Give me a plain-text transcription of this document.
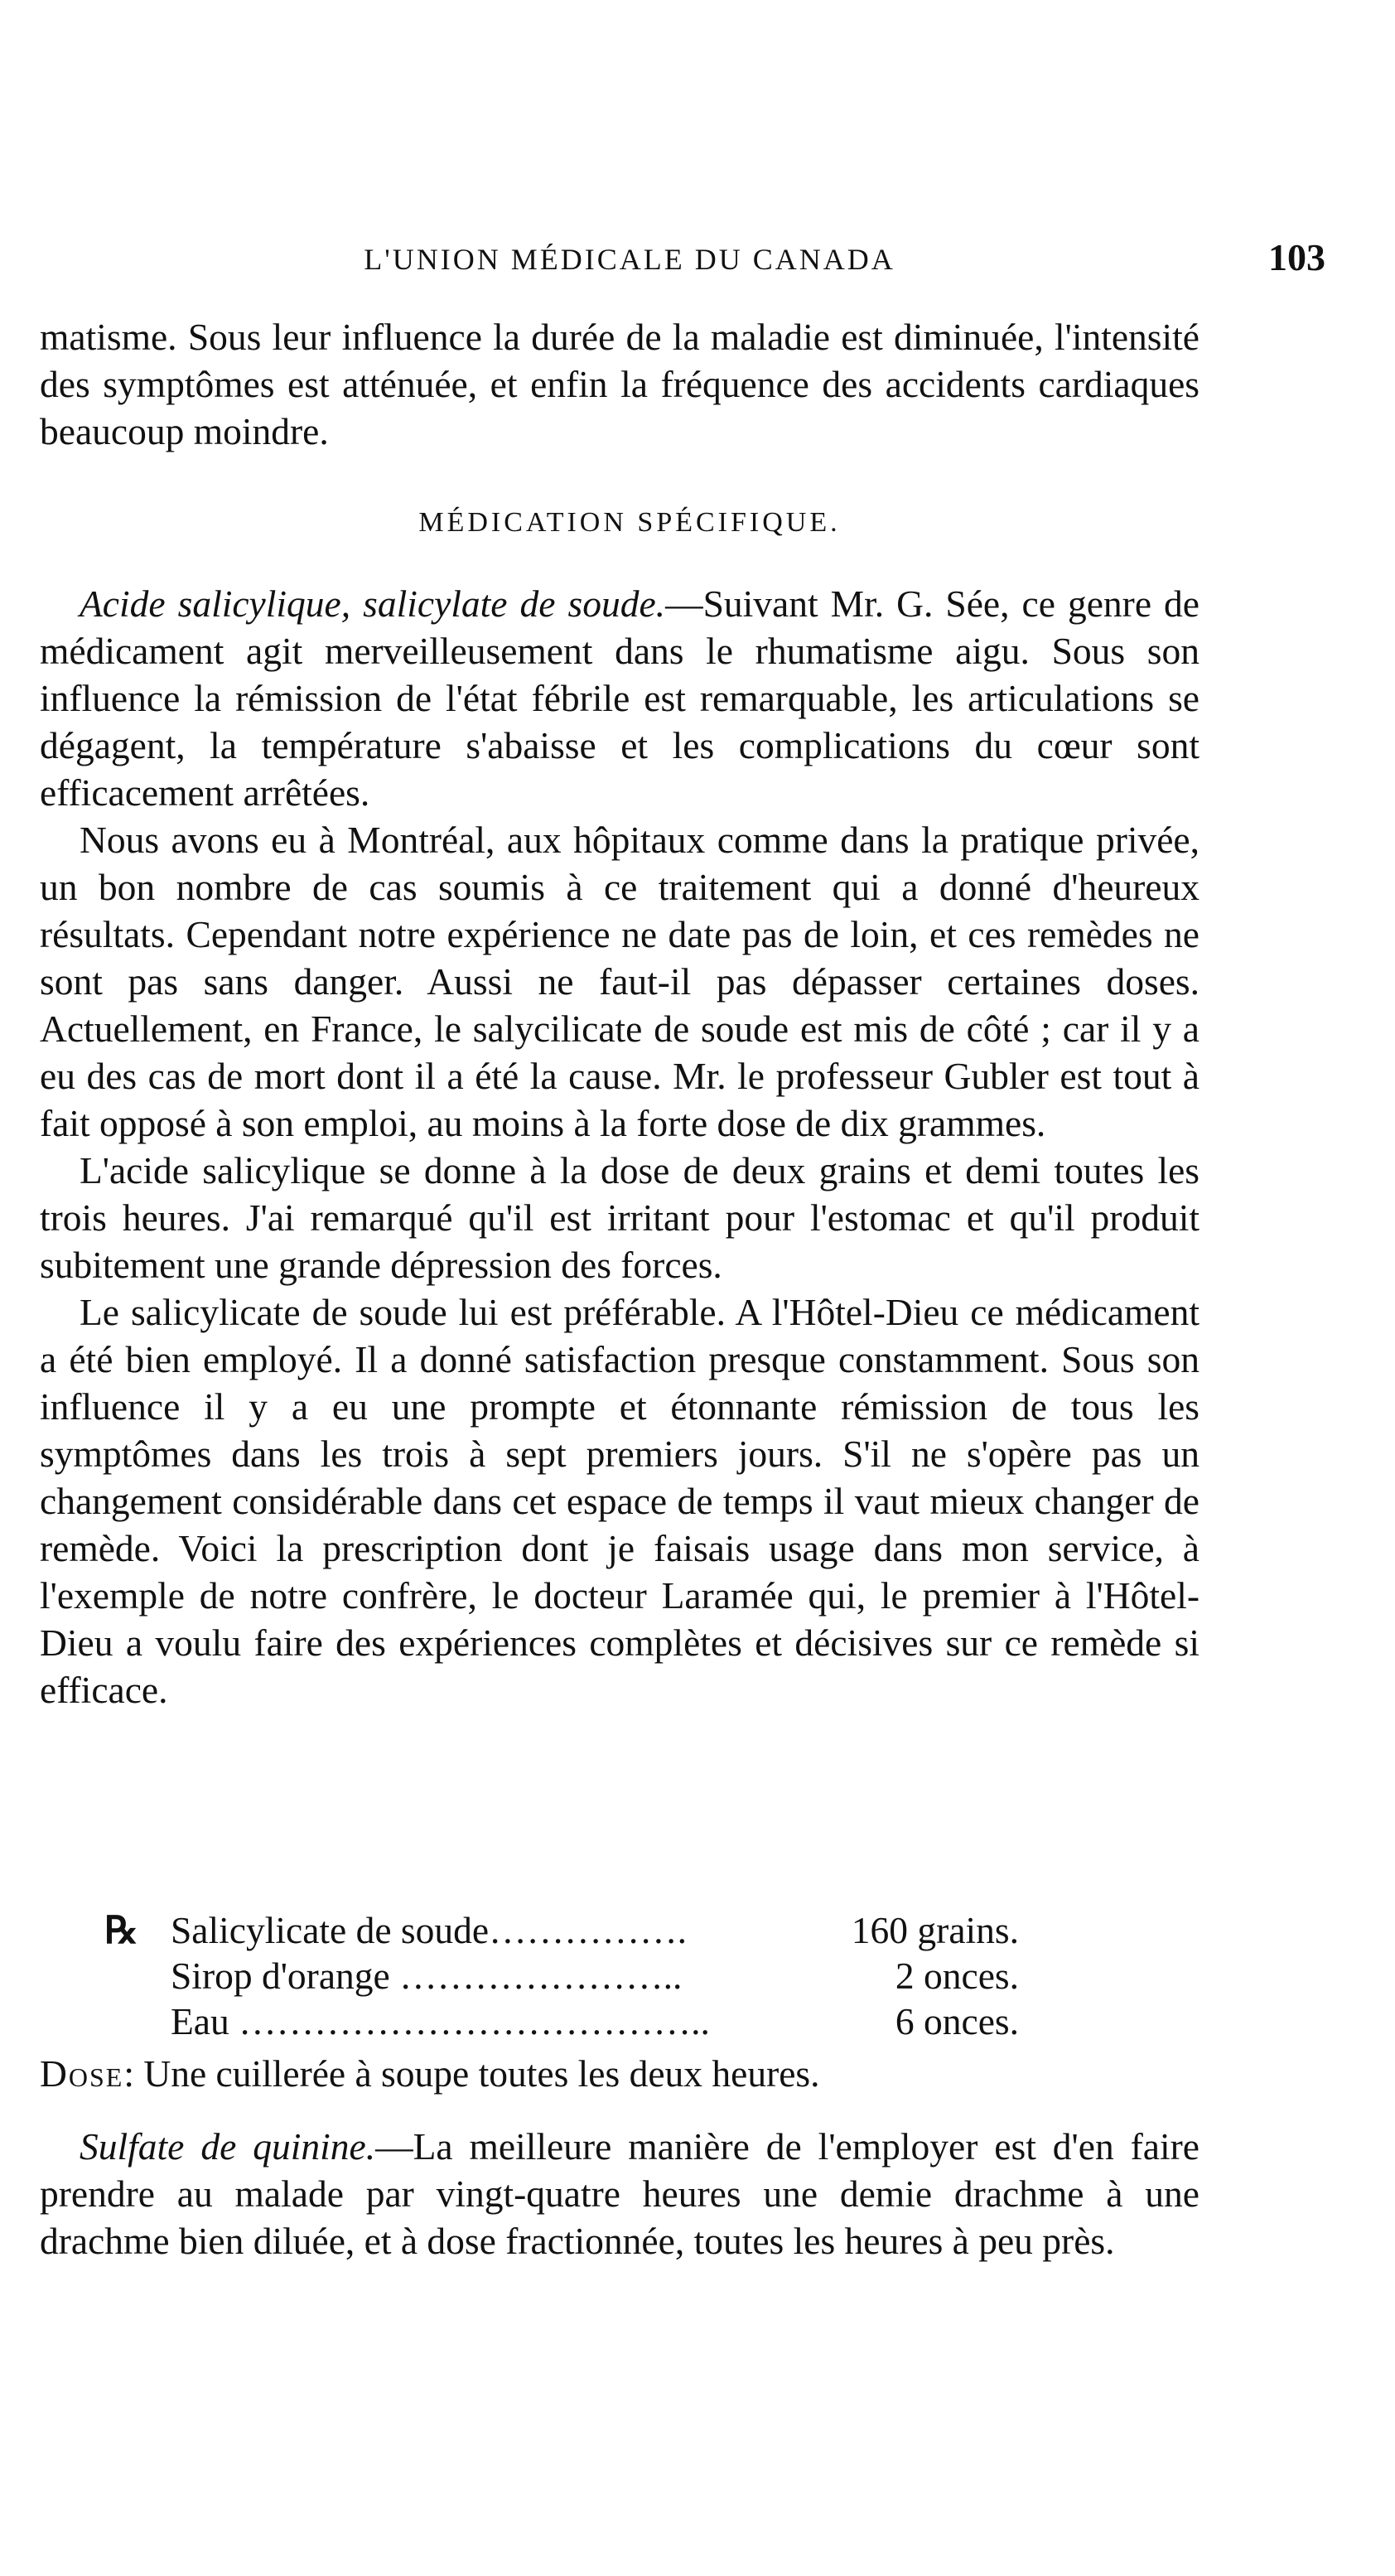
L'UNION MÉDICALE DU CANADA	103

matisme. Sous leur influence la durée de la maladie est diminuée, l'intensité des symptômes est atténuée, et enfin la fréquence des accidents cardiaques beaucoup moindre.

MÉDICATION SPÉCIFIQUE.

Acide salicylique, salicylate de soude.—Suivant Mr. G. Sée, ce genre de médicament agit merveilleusement dans le rhumatisme aigu. Sous son influence la rémission de l'état fébrile est remarquable, les articulations se dégagent, la température s'abaisse et les complications du cœur sont efficacement arrêtées.

Nous avons eu à Montréal, aux hôpitaux comme dans la pratique privée, un bon nombre de cas soumis à ce traitement qui a donné d'heureux résultats. Cependant notre expérience ne date pas de loin, et ces remèdes ne sont pas sans danger. Aussi ne faut-il pas dépasser certaines doses. Actuellement, en France, le salycilicate de soude est mis de côté ; car il y a eu des cas de mort dont il a été la cause. Mr. le professeur Gubler est tout à fait opposé à son emploi, au moins à la forte dose de dix grammes.

L'acide salicylique se donne à la dose de deux grains et demi toutes les trois heures. J'ai remarqué qu'il est irritant pour l'estomac et qu'il produit subitement une grande dépression des forces.

Le salicylicate de soude lui est préférable. A l'Hôtel-Dieu ce médicament a été bien employé. Il a donné satisfaction presque constamment. Sous son influence il y a eu une prompte et étonnante rémission de tous les symptômes dans les trois à sept premiers jours. S'il ne s'opère pas un changement considérable dans cet espace de temps il vaut mieux changer de remède. Voici la prescription dont je faisais usage dans mon service, à l'exemple de notre confrère, le docteur Laramée qui, le premier à l'Hôtel-Dieu a voulu faire des expériences complètes et décisives sur ce remède si efficace.

℞ Salicylicate de soude…………….	160 grains.
Sirop d'orange …………………..	2 onces.
Eau ………………………………..	6 onces.
Dose: Une cuillerée à soupe toutes les deux heures.

Sulfate de quinine.—La meilleure manière de l'employer est d'en faire prendre au malade par vingt-quatre heures une demie drachme à une drachme bien diluée, et à dose fractionnée, toutes les heures à peu près.
